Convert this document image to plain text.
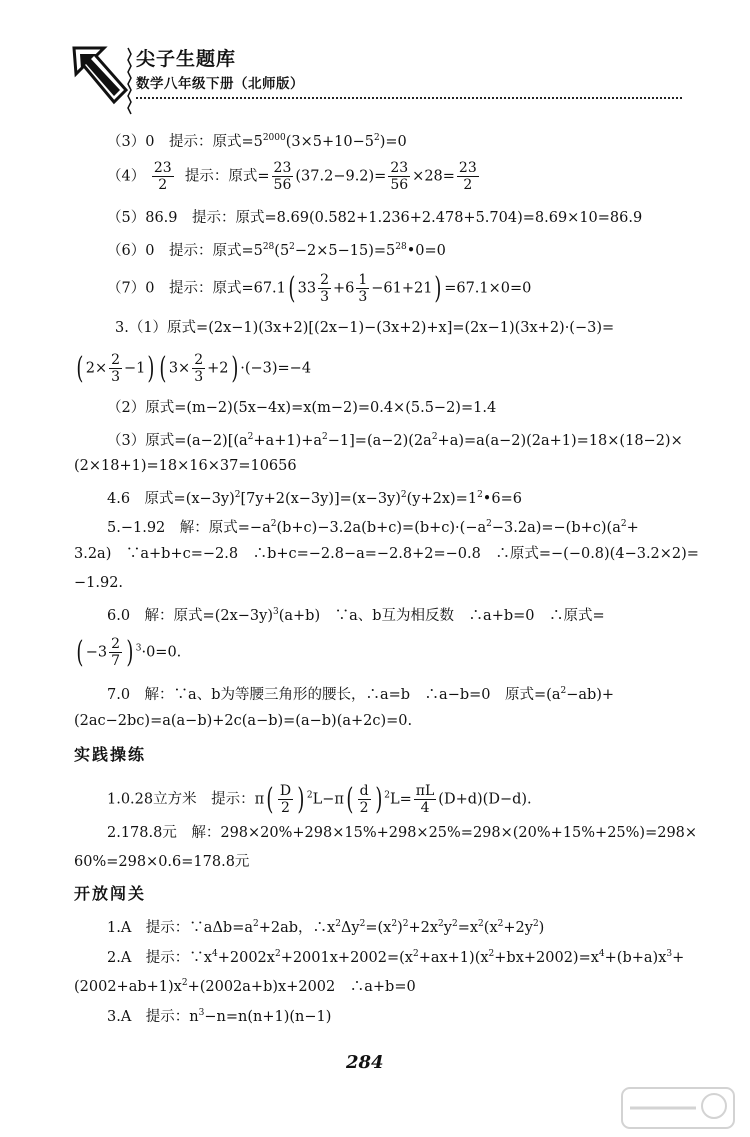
尖子生题库
数学八年级下册（北师版）
（3）0　提示：原式$=5^{2000}(3\times 5+10-5^2)=0$
$(4) \frac{23}{2}$ 提示：原式= $\frac{23}{56} (37.2-9.2)= \frac{23}{56} \times 28= \frac{23}{2}$
（5）86.9　提示：原式=8.69(0.582+1.236+2.478+5.704)=8.69×10=86.9
（6）0　提示：原式$=5^{28}(5^2-2\times 5-15)=5^{28}•0=0$
（7）0　提示：原式=67.1( $33 \frac{2}{3} +6 \frac{1}{3} -61+21) =67.1\times 0=0$
3.（1）原式=(2x−1)(3x+2)[(2x−1)−(3x+2)+x]=(2x−1)(3x+2)·(−3)=
( $2\times \frac{2}{3} -1$) ( $3\times \frac{2}{3} +2) \cdot(-3)=-4$
（2）原式=(m−2)(5x−4x)=x(m−2)=0.4×(5.5−2)=1.4
（3）原式$=(a-2)[(a^2+a+1)+a^2-1]=(a-2)(2a^2+a)=a(a-2)(2a+1)=18\times(18-2)\times$
(2×18+1)=18×16×37=10656
4.6　原式$=(x-3y)^2[7y+2(x-3y)]=(x-3y)^2(y+2x)=1^2•6=6$
5.−1.92　解：原式$=-a^2(b+c)-3.2a(b+c)=(b+c)\cdot(-a^2-3.2a)=-(b+c)(a^2+$
3.2a)　∵a+b+c=−2.8　∴b+c=−2.8−a=−2.8+2=−0.8　∴原式=−(−0.8)(4−3.2×2)=
−1.92.
6.0　解：原式$=(2x-3y)^3(a+b)$　∵a、b互为相反数　∴a+b=0　∴原式=
( $-3 \frac{2}{7}$ ) $^3$·0=0.
7.0　解：∵a、b为等腰三角形的腰长，∴a=b　∴a−b=0　原式$=(a^2-ab)+$
(2ac−2bc)=a(a−b)+2c(a−b)=(a−b)(a+2c)=0.
实践操练
1.0.28立方米　提示：$\pi( \frac{D}{2}$ ) $^2L-\pi( \frac{d}{2}$ ) $^2L= \frac{\pi L}{4} (D+d)(D-d)$.
2.178.8元　解：298×20%+298×15%+298×25%=298×(20%+15%+25%)=298×
60%=298×0.6=178.8元
开放闯关
1.A　提示：$\because a\Delta b=a^2+2ab$，$\therefore x^2\Delta y^2=(x^2)^2+2x^2y^2=x^2(x^2+2y^2)$
2.A　提示：$\because x^4+2002x^2+2001x+2002=(x^2+ax+1)(x^2+bx+2002)=x^4+(b+a)x^3+$
$(2002+ab+1)x^2+(2002a+b)x+2002$　∴a+b=0
3.A　提示：$n^3-n=n(n+1)(n-1)$
284
